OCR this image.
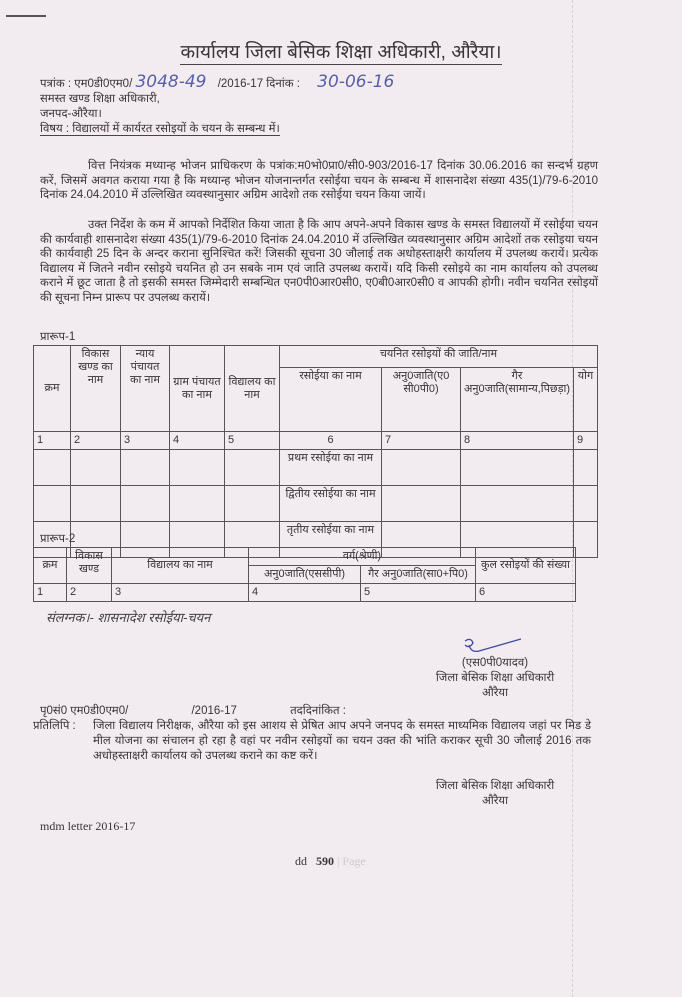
कार्यालय जिला बेसिक शिक्षा अधिकारी, औरैया।
पत्रांक : एम0डी0एम0/ 3048-49 /2016-17 दिनांक : 30-06-16
समस्त खण्ड शिक्षा अधिकारी,
जनपद-औरैया।
विषय : विद्यालयों में कार्यरत रसोइयों के चयन के सम्बन्ध में।
वित्त नियंत्रक मध्यान्ह भोजन प्राधिकरण के पत्रांक:म0भो0प्रा0/सी0-903/2016-17 दिनांक 30.06.2016 का सन्दर्भ ग्रहण करें, जिसमें अवगत कराया गया है कि मध्यान्ह भोजन योजनान्तर्गत रसोईया चयन के सम्बन्ध में शासनादेश संख्या 435(1)/79-6-2010 दिनांक 24.04.2010 में उल्लिखित व्यवस्थानुसार अग्रिम आदेशो तक रसोईया चयन किया जायें।
उक्त निर्देश के कम में आपको निर्देशित किया जाता है कि आप अपने-अपने विकास खण्ड के समस्त विद्यालयों में रसोईया चयन की कार्यवाही शासनादेश संख्या 435(1)/79-6-2010 दिनांक 24.04.2010 में उल्लिखित व्यवस्थानुसार अग्रिम आदेशों तक रसोइया चयन की कार्यवाही 25 दिन के अन्दर कराना सुनिश्चित करें! जिसकी सूचना 30 जौलाई तक अधोहस्ताक्षरी कार्यालय में उपलब्ध करायें। प्रत्येक विद्यालय में जितने नवीन रसोइये चयनित हो उन सबके नाम एवं जाति उपलब्ध करायें। यदि किसी रसोइये का नाम कार्यालय को उपलब्ध कराने में छूट जाता है तो इसकी समस्त जिम्मेदारी सम्बन्धित एन0पी0आर0सी0, ए0बी0आर0सी0 व आपकी होगी। नवीन चयनित रसोइयों की सूचना निम्न प्रारूप पर उपलब्ध करायें।
प्रारूप-1
क्रम	विकास खण्ड का नाम	न्याय पंचायत का नाम	ग्राम पंचायत का नाम	विद्यालय का नाम	चयनित रसोइयों की जाति/नाम			
					रसोईया का नाम	अनु0जाति(ए0 सी0पी0)	गैर अनु0जाति(सामान्य,पिछड़ा)	योग
1	2	3	4	5	6	7	8	9
					प्रथम रसोईया का नाम			
					द्वितीय रसोईया का नाम			
					तृतीय रसोईया का नाम			
प्रारूप-2
क्रम	विकास खण्ड	विद्यालय का नाम	वर्ग(श्रेणी)		कुल रसोइयों की संख्या
			अनु0जाति(एससीपी)	गैर अनु0जाति(सा0+पि0)	
1	2	3	4	5	6
संलग्नक।- शासनादेश रसोईया-चयन
(एस0पी0यादव)
जिला बेसिक शिक्षा अधिकारी
औरैया
पृ0सं0 एम0डी0एम0/	/2016-17	तददिनांकित :
प्रतिलिपि : जिला विद्यालय निरीक्षक, औरैया को इस आशय से प्रेषित आप अपने जनपद के समस्त माध्यमिक विद्यालय जहां पर मिड डे मील योजना का संचालन हो रहा है वहां पर नवीन रसोइयों का चयन उक्त की भांति कराकर सूची 30 जौलाई 2016 तक अधोहस्ताक्षरी कार्यालय को उपलब्ध कराने का कष्ट करें।
जिला बेसिक शिक्षा अधिकारी
औरैया
mdm letter 2016-17
dd 590 | Page
